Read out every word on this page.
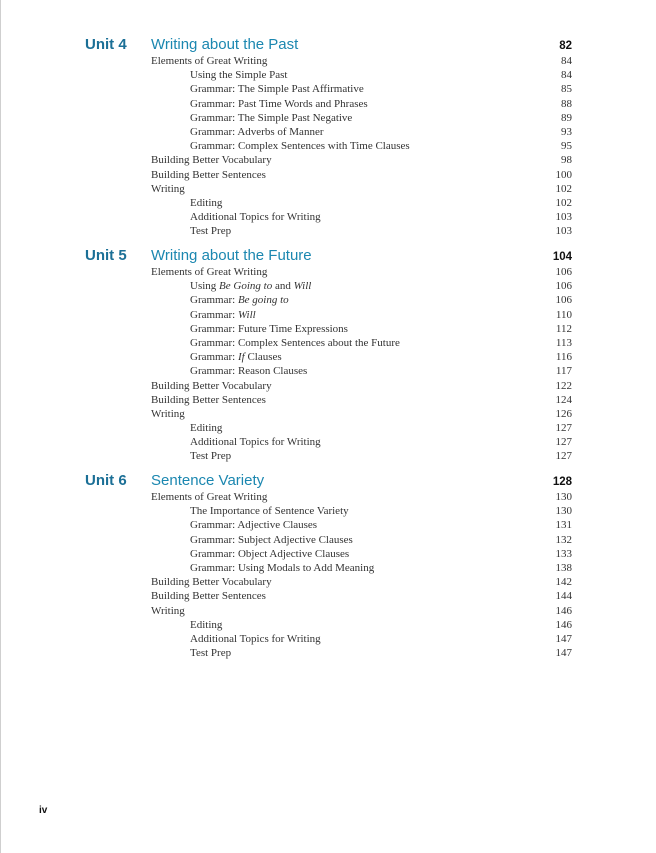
Unit 4 Writing about the Past	82
Elements of Great Writing	84
Using the Simple Past	84
Grammar: The Simple Past Affirmative	85
Grammar: Past Time Words and Phrases	88
Grammar: The Simple Past Negative	89
Grammar: Adverbs of Manner	93
Grammar: Complex Sentences with Time Clauses	95
Building Better Vocabulary	98
Building Better Sentences	100
Writing	102
Editing	102
Additional Topics for Writing	103
Test Prep	103
Unit 5 Writing about the Future	104
Elements of Great Writing	106
Using Be Going to and Will	106
Grammar: Be going to	106
Grammar: Will	110
Grammar: Future Time Expressions	112
Grammar: Complex Sentences about the Future	113
Grammar: If Clauses	116
Grammar: Reason Clauses	117
Building Better Vocabulary	122
Building Better Sentences	124
Writing	126
Editing	127
Additional Topics for Writing	127
Test Prep	127
Unit 6 Sentence Variety	128
Elements of Great Writing	130
The Importance of Sentence Variety	130
Grammar: Adjective Clauses	131
Grammar: Subject Adjective Clauses	132
Grammar: Object Adjective Clauses	133
Grammar: Using Modals to Add Meaning	138
Building Better Vocabulary	142
Building Better Sentences	144
Writing	146
Editing	146
Additional Topics for Writing	147
Test Prep	147
iv
